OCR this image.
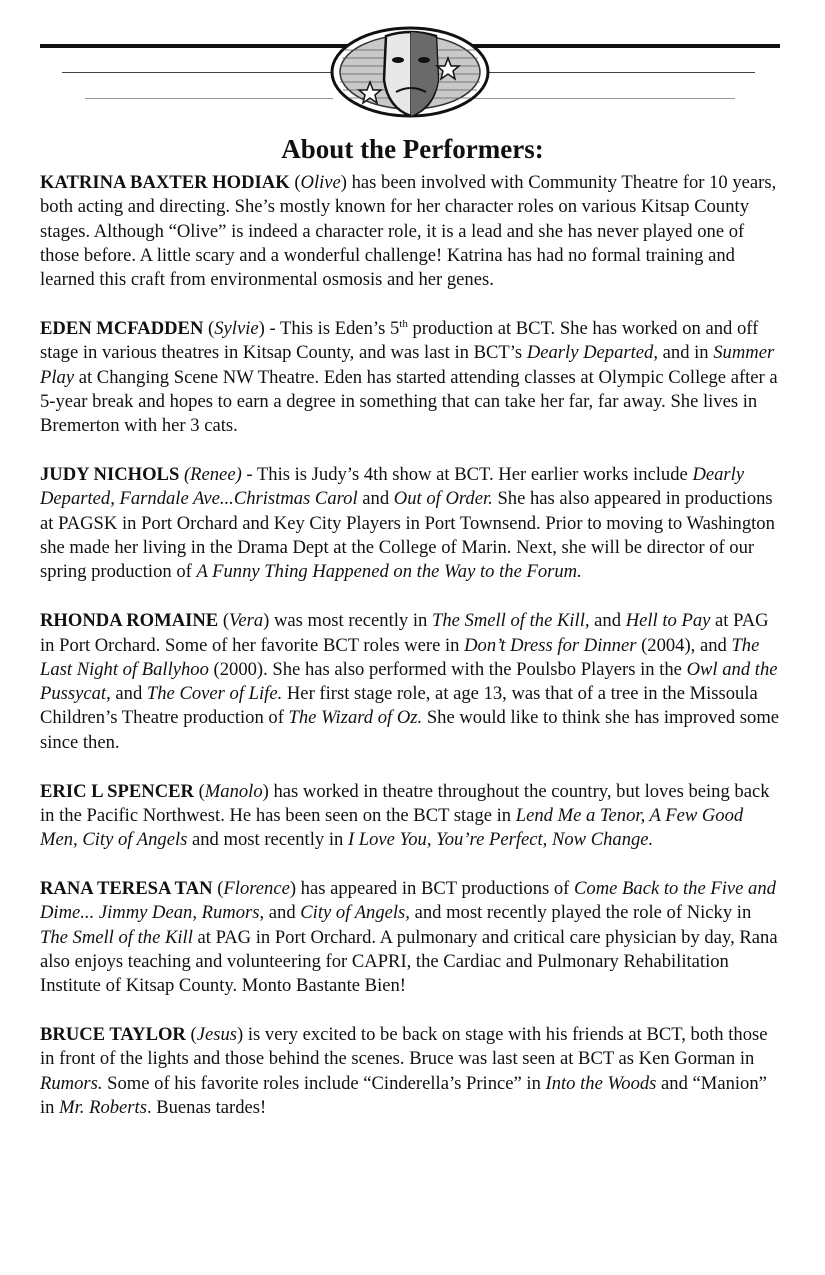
About the Performers:

KATRINA BAXTER HODIAK (Olive) has been involved with Community Theatre for 10 years, both acting and directing. She’s mostly known for her character roles on various Kitsap County stages. Although “Olive” is indeed a character role, it is a lead and she has never played one of those before. A little scary and a wonderful challenge! Katrina has had no formal training and learned this craft from environmental osmosis and her genes.

EDEN MCFADDEN (Sylvie) - This is Eden’s 5th production at BCT. She has worked on and off stage in various theatres in Kitsap County, and was last in BCT’s Dearly Departed, and in Summer Play at Changing Scene NW Theatre. Eden has started attending classes at Olympic College after a 5-year break and hopes to earn a degree in something that can take her far, far away. She lives in Bremerton with her 3 cats.

JUDY NICHOLS (Renee) - This is Judy’s 4th show at BCT. Her earlier works include Dearly Departed, Farndale Ave...Christmas Carol and Out of Order. She has also appeared in productions at PAGSK in Port Orchard and Key City Players in Port Townsend. Prior to moving to Washington she made her living in the Drama Dept at the College of Marin. Next, she will be director of our spring production of A Funny Thing Happened on the Way to the Forum.

RHONDA ROMAINE (Vera) was most recently in The Smell of the Kill, and Hell to Pay at PAG in Port Orchard. Some of her favorite BCT roles were in Don’t Dress for Dinner (2004), and The Last Night of Ballyhoo (2000). She has also performed with the Poulsbo Players in the Owl and the Pussycat, and The Cover of Life. Her first stage role, at age 13, was that of a tree in the Missoula Children’s Theatre production of The Wizard of Oz. She would like to think she has improved some since then.

ERIC L SPENCER (Manolo) has worked in theatre throughout the country, but loves being back in the Pacific Northwest. He has been seen on the BCT stage in Lend Me a Tenor, A Few Good Men, City of Angels and most recently in I Love You, You’re Perfect, Now Change.

RANA TERESA TAN (Florence) has appeared in BCT productions of Come Back to the Five and Dime... Jimmy Dean, Rumors, and City of Angels, and most recently played the role of Nicky in The Smell of the Kill at PAG in Port Orchard. A pulmonary and critical care physician by day, Rana also enjoys teaching and volunteering for CAPRI, the Cardiac and Pulmonary Rehabilitation Institute of Kitsap County. Monto Bastante Bien!

BRUCE TAYLOR (Jesus) is very excited to be back on stage with his friends at BCT, both those in front of the lights and those behind the scenes. Bruce was last seen at BCT as Ken Gorman in Rumors. Some of his favorite roles include “Cinderella’s Prince” in Into the Woods and “Manion” in Mr. Roberts. Buenas tardes!
